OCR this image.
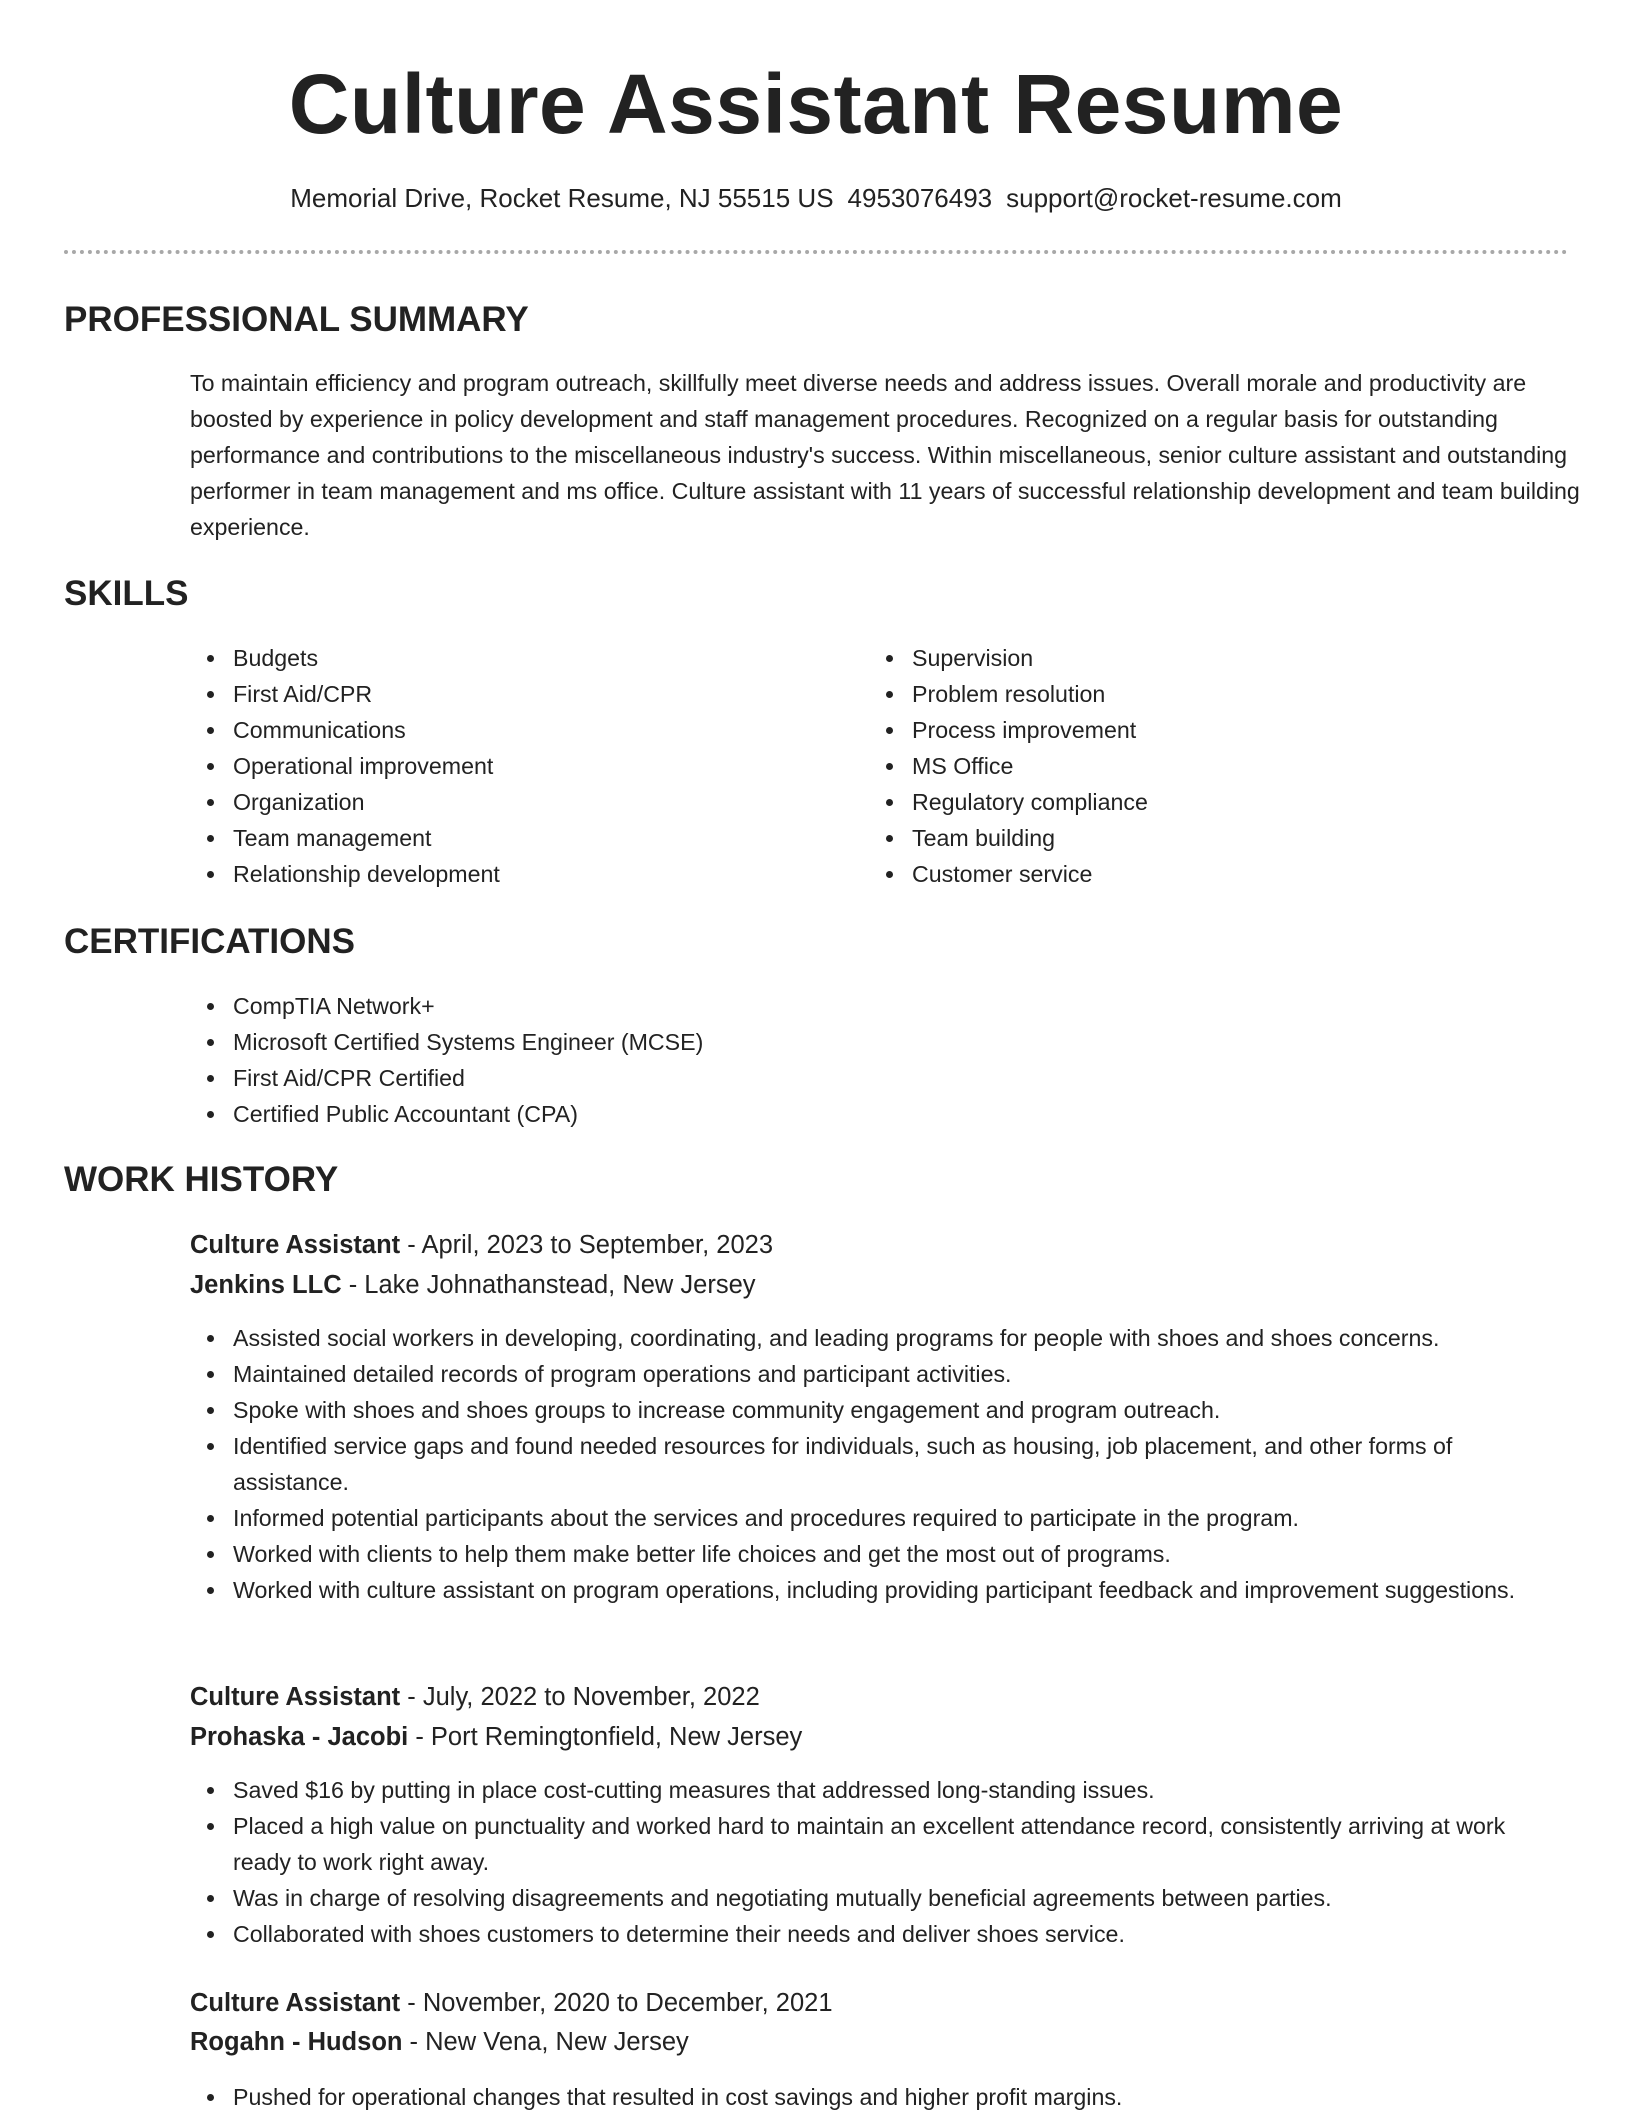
Culture Assistant Resume
Memorial Drive, Rocket Resume, NJ 55515 US 4953076493 support@rocket-resume.com
PROFESSIONAL SUMMARY

To maintain efficiency and program outreach, skillfully meet diverse needs and address issues. Overall morale and productivity are boosted by experience in policy development and staff management procedures. Recognized on a regular basis for outstanding performance and contributions to the miscellaneous industry's success. Within miscellaneous, senior culture assistant and outstanding performer in team management and ms office. Culture assistant with 11 years of successful relationship development and team building experience.

SKILLS
Budgets
First Aid/CPR
Communications
Operational improvement
Organization
Team management
Relationship development
Supervision
Problem resolution
Process improvement
MS Office
Regulatory compliance
Team building
Customer service
CERTIFICATIONS
CompTIA Network+
Microsoft Certified Systems Engineer (MCSE)
First Aid/CPR Certified
Certified Public Accountant (CPA)
WORK HISTORY

Culture Assistant - April, 2023 to September, 2023

Jenkins LLC - Lake Johnathanstead, New Jersey

Assisted social workers in developing, coordinating, and leading programs for people with shoes and shoes concerns.
Maintained detailed records of program operations and participant activities.
Spoke with shoes and shoes groups to increase community engagement and program outreach.
Identified service gaps and found needed resources for individuals, such as housing, job placement, and other forms of assistance.
Informed potential participants about the services and procedures required to participate in the program.
Worked with clients to help them make better life choices and get the most out of programs.
Worked with culture assistant on program operations, including providing participant feedback and improvement suggestions.

Culture Assistant - July, 2022 to November, 2022

Prohaska - Jacobi - Port Remingtonfield, New Jersey

Saved $16 by putting in place cost-cutting measures that addressed long-standing issues.
Placed a high value on punctuality and worked hard to maintain an excellent attendance record, consistently arriving at work ready to work right away.
Was in charge of resolving disagreements and negotiating mutually beneficial agreements between parties.
Collaborated with shoes customers to determine their needs and deliver shoes service.

Culture Assistant - November, 2020 to December, 2021

Rogahn - Hudson - New Vena, New Jersey

Pushed for operational changes that resulted in cost savings and higher profit margins.
